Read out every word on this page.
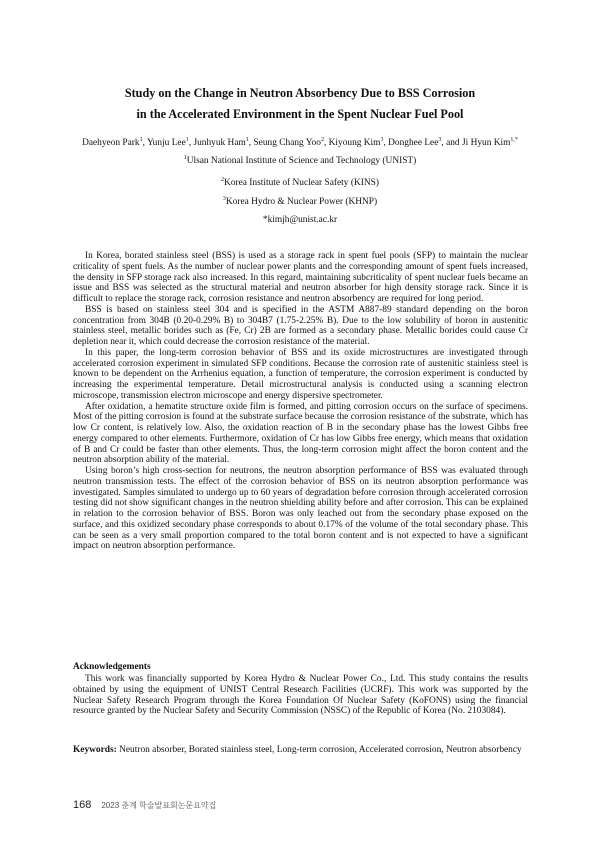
Study on the Change in Neutron Absorbency Due to BSS Corrosion
in the Accelerated Environment in the Spent Nuclear Fuel Pool
Daehyeon Park$^1$, Yunju Lee$^1$, Junhyuk Ham$^1$, Seung Chang Yoo$^2$, Kiyoung Kim$^3$, Donghee Lee$^3$, and Ji Hyun Kim$^{1,*}$
$^1$Ulsan National Institute of Science and Technology (UNIST)
$^2$Korea Institute of Nuclear Safety (KINS)
$^3$Korea Hydro & Nuclear Power (KHNP)
*kimjh@unist.ac.kr

In Korea, borated stainless steel (BSS) is used as a storage rack in spent fuel pools (SFP) to maintain the nuclear criticality of spent fuels. As the number of nuclear power plants and the corresponding amount of spent fuels increased, the density in SFP storage rack also increased. In this regard, maintaining subcriticality of spent nuclear fuels became an issue and BSS was selected as the structural material and neutron absorber for high density storage rack. Since it is difficult to replace the storage rack, corrosion resistance and neutron absorbency are required for long period.

BSS is based on stainless steel 304 and is specified in the ASTM A887-89 standard depending on the boron concentration from 304B (0.20-0.29% B) to 304B7 (1.75-2.25% B). Due to the low solubility of boron in austenitic stainless steel, metallic borides such as (Fe, Cr) 2B are formed as a secondary phase. Metallic borides could cause Cr depletion near it, which could decrease the corrosion resistance of the material.

In this paper, the long-term corrosion behavior of BSS and its oxide microstructures are investigated through accelerated corrosion experiment in simulated SFP conditions. Because the corrosion rate of austenitic stainless steel is known to be dependent on the Arrhenius equation, a function of temperature, the corrosion experiment is conducted by increasing the experimental temperature. Detail microstructural analysis is conducted using a scanning electron microscope, transmission electron microscope and energy dispersive spectrometer.

After oxidation, a hematite structure oxide film is formed, and pitting corrosion occurs on the surface of specimens. Most of the pitting corrosion is found at the substrate surface because the corrosion resistance of the substrate, which has low Cr content, is relatively low. Also, the oxidation reaction of B in the secondary phase has the lowest Gibbs free energy compared to other elements. Furthermore, oxidation of Cr has low Gibbs free energy, which means that oxidation of B and Cr could be faster than other elements. Thus, the long-term corrosion might affect the boron content and the neutron absorption ability of the material.

Using boron’s high cross-section for neutrons, the neutron absorption performance of BSS was evaluated through neutron transmission tests. The effect of the corrosion behavior of BSS on its neutron absorption performance was investigated. Samples simulated to undergo up to 60 years of degradation before corrosion through accelerated corrosion testing did not show significant changes in the neutron shielding ability before and after corrosion. This can be explained in relation to the corrosion behavior of BSS. Boron was only leached out from the secondary phase exposed on the surface, and this oxidized secondary phase corresponds to about 0.17% of the volume of the total secondary phase. This can be seen as a very small proportion compared to the total boron content and is not expected to have a significant impact on neutron absorption performance.

Acknowledgements

This work was financially supported by Korea Hydro & Nuclear Power Co., Ltd. This study contains the results obtained by using the equipment of UNIST Central Research Facilities (UCRF). This work was supported by the Nuclear Safety Research Program through the Korea Foundation Of Nuclear Safety (KoFONS) using the financial resource granted by the Nuclear Safety and Security Commission (NSSC) of the Republic of Korea (No. 2103084).

Keywords: Neutron absorber, Borated stainless steel, Long-term corrosion, Accelerated corrosion, Neutron absorbency
168 2023 춘계 학술발표회논문요약집
